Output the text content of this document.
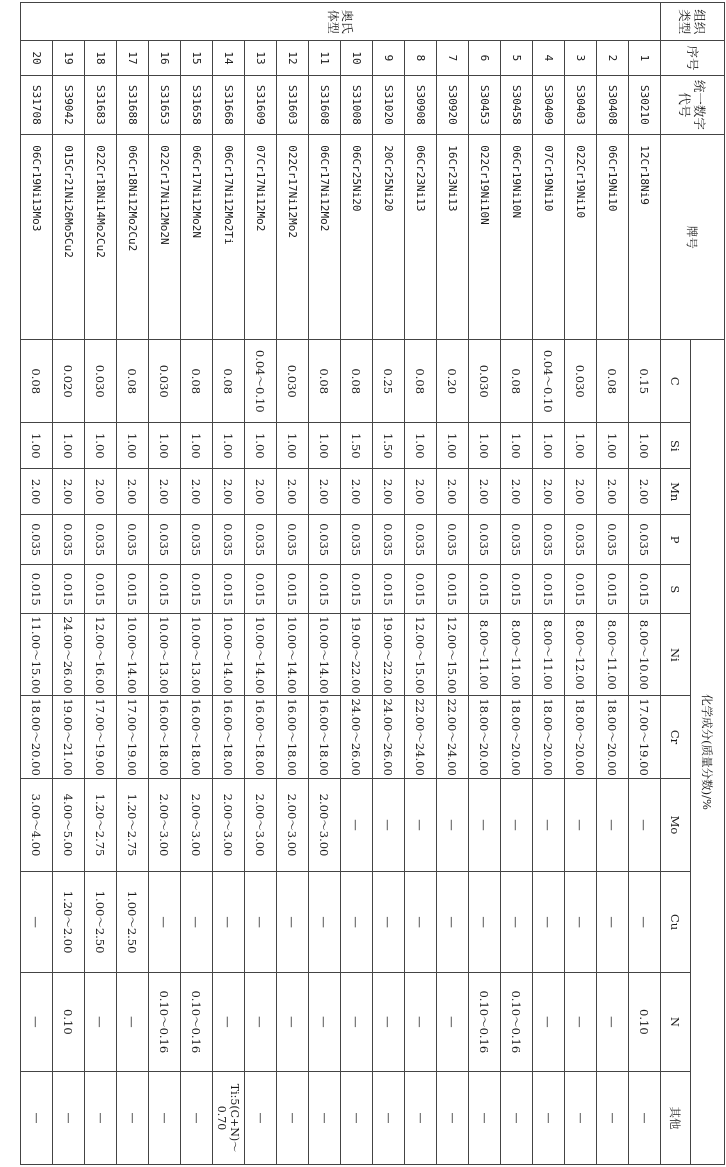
组织类型	序号	统一数字代号	牌号	化学成分(质量分数)/%										
				C	Si	Mn	P	S	Ni	Cr	Mo	Cu	N	其他
奥氏体型	1	S30210	12Cr18Ni9	0.15	1.00	2.00	0.035	0.015	8.00～10.00	17.00～19.00	—	—	0.10	—
	2	S30408	06Cr19Ni10	0.08	1.00	2.00	0.035	0.015	8.00～11.00	18.00～20.00	—	—	—	—
	3	S30403	022Cr19Ni10	0.030	1.00	2.00	0.035	0.015	8.00～12.00	18.00～20.00	—	—	—	—
	4	S30409	07Cr19Ni10	0.04～0.10	1.00	2.00	0.035	0.015	8.00～11.00	18.00～20.00	—	—	—	—
	5	S30458	06Cr19Ni10N	0.08	1.00	2.00	0.035	0.015	8.00～11.00	18.00～20.00	—	—	0.10～0.16	—
	6	S30453	022Cr19Ni10N	0.030	1.00	2.00	0.035	0.015	8.00～11.00	18.00～20.00	—	—	0.10～0.16	—
	7	S30920	16Cr23Ni13	0.20	1.00	2.00	0.035	0.015	12.00～15.00	22.00～24.00	—	—	—	—
	8	S30908	06Cr23Ni13	0.08	1.00	2.00	0.035	0.015	12.00～15.00	22.00～24.00	—	—	—	—
	9	S31020	20Cr25Ni20	0.25	1.50	2.00	0.035	0.015	19.00～22.00	24.00～26.00	—	—	—	—
	10	S31008	06Cr25Ni20	0.08	1.50	2.00	0.035	0.015	19.00～22.00	24.00～26.00	—	—	—	—
	11	S31608	06Cr17Ni12Mo2	0.08	1.00	2.00	0.035	0.015	10.00～14.00	16.00～18.00	2.00～3.00	—	—	—
	12	S31603	022Cr17Ni12Mo2	0.030	1.00	2.00	0.035	0.015	10.00～14.00	16.00～18.00	2.00～3.00	—	—	—
	13	S31609	07Cr17Ni12Mo2	0.04～0.10	1.00	2.00	0.035	0.015	10.00～14.00	16.00～18.00	2.00～3.00	—	—	—
	14	S31668	06Cr17Ni12Mo2Ti	0.08	1.00	2.00	0.035	0.015	10.00～14.00	16.00～18.00	2.00～3.00	—	—	Ti:5(C+N)～0.70
	15	S31658	06Cr17Ni12Mo2N	0.08	1.00	2.00	0.035	0.015	10.00～13.00	16.00～18.00	2.00～3.00	—	0.10～0.16	—
	16	S31653	022Cr17Ni12Mo2N	0.030	1.00	2.00	0.035	0.015	10.00～13.00	16.00～18.00	2.00～3.00	—	0.10～0.16	—
	17	S31688	06Cr18Ni12Mo2Cu2	0.08	1.00	2.00	0.035	0.015	10.00～14.00	17.00～19.00	1.20～2.75	1.00～2.50	—	—
	18	S31683	022Cr18Ni14Mo2Cu2	0.030	1.00	2.00	0.035	0.015	12.00～16.00	17.00～19.00	1.20～2.75	1.00～2.50	—	—
	19	S39042	015Cr21Ni26Mo5Cu2	0.020	1.00	2.00	0.035	0.015	24.00～26.00	19.00～21.00	4.00～5.00	1.20～2.00	0.10	—
	20	S31708	06Cr19Ni13Mo3	0.08	1.00	2.00	0.035	0.015	11.00～15.00	18.00～20.00	3.00～4.00	—	—	—
